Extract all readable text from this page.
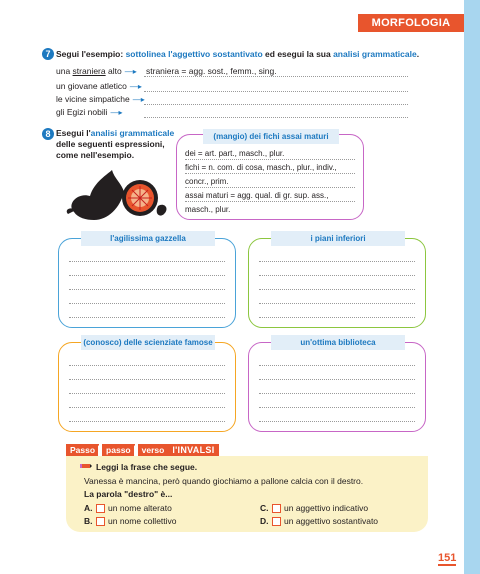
MORFOLOGIA
7 Segui l'esempio: sottolinea l'aggettivo sostantivato ed esegui la sua analisi grammaticale.
una straniera alto —▸ straniera = agg. sost., femm., sing.
un giovane atletico —▸
le vicine simpatiche —▸
gli Egizi nobili —▸
8 Esegui l'analisi grammaticale delle seguenti espressioni, come nell'esempio.
(mangio) dei fichi assai maturi
dei = art. part., masch., plur.
fichi = n. com. di cosa, masch., plur., indiv.,
concr., prim.
assai maturi = agg. qual. di gr. sup. ass.,
masch., plur.
l'agilissima gazzella	i piani inferiori
(conosco) delle scienziate famose	un'ottima biblioteca
Passo	passo	verso l'INVALSI
Leggi la frase che segue.
Vanessa è mancina, però quando giochiamo a pallone calcia con il destro.
La parola "destro" è...
A.	un nome alterato
B.	un nome collettivo
C.	un aggettivo indicativo
D.	un aggettivo sostantivato
151
